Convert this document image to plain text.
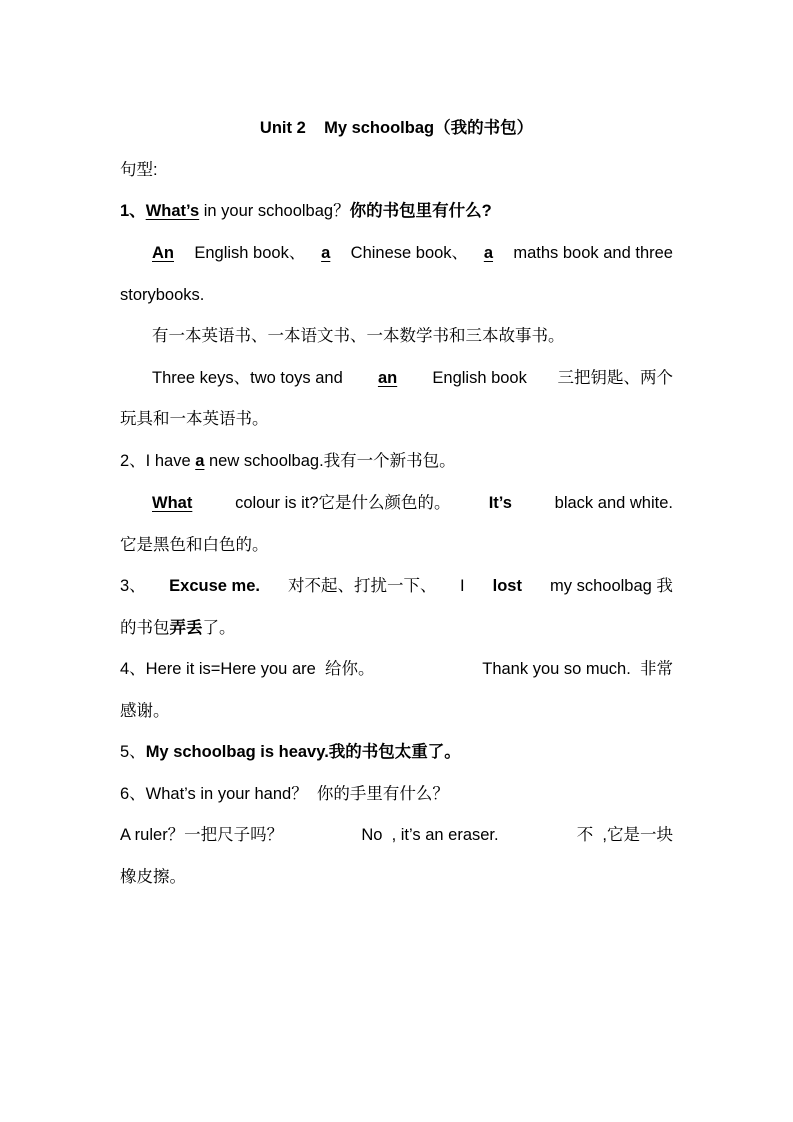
Unit 2    My schoolbag（我的书包）
句型:
1、What’s in your schoolbag？你的书包里有什么?
An English book、 a Chinese book、 a maths book and three
storybooks.
有一本英语书、一本语文书、一本数学书和三本故事书。
Three keys、two toys and an English book 三把钥匙、两个
玩具和一本英语书。
2、I have a new schoolbag.我有一个新书包。
What colour is it?它是什么颜色的。 It’s black and white.
它是黑色和白色的。
3、 Excuse me. 对不起、打扰一下、 I lost my schoolbag 我
的书包弄丢了。
4、Here it is=Here you are  给你。	Thank you so much.  非常
感谢。
5、My schoolbag is heavy.我的书包太重了。
6、What’s in your hand？  你的手里有什么？
A ruler？一把尺子吗？	No  , it’s an eraser.	不  ,它是一块
橡皮擦。
